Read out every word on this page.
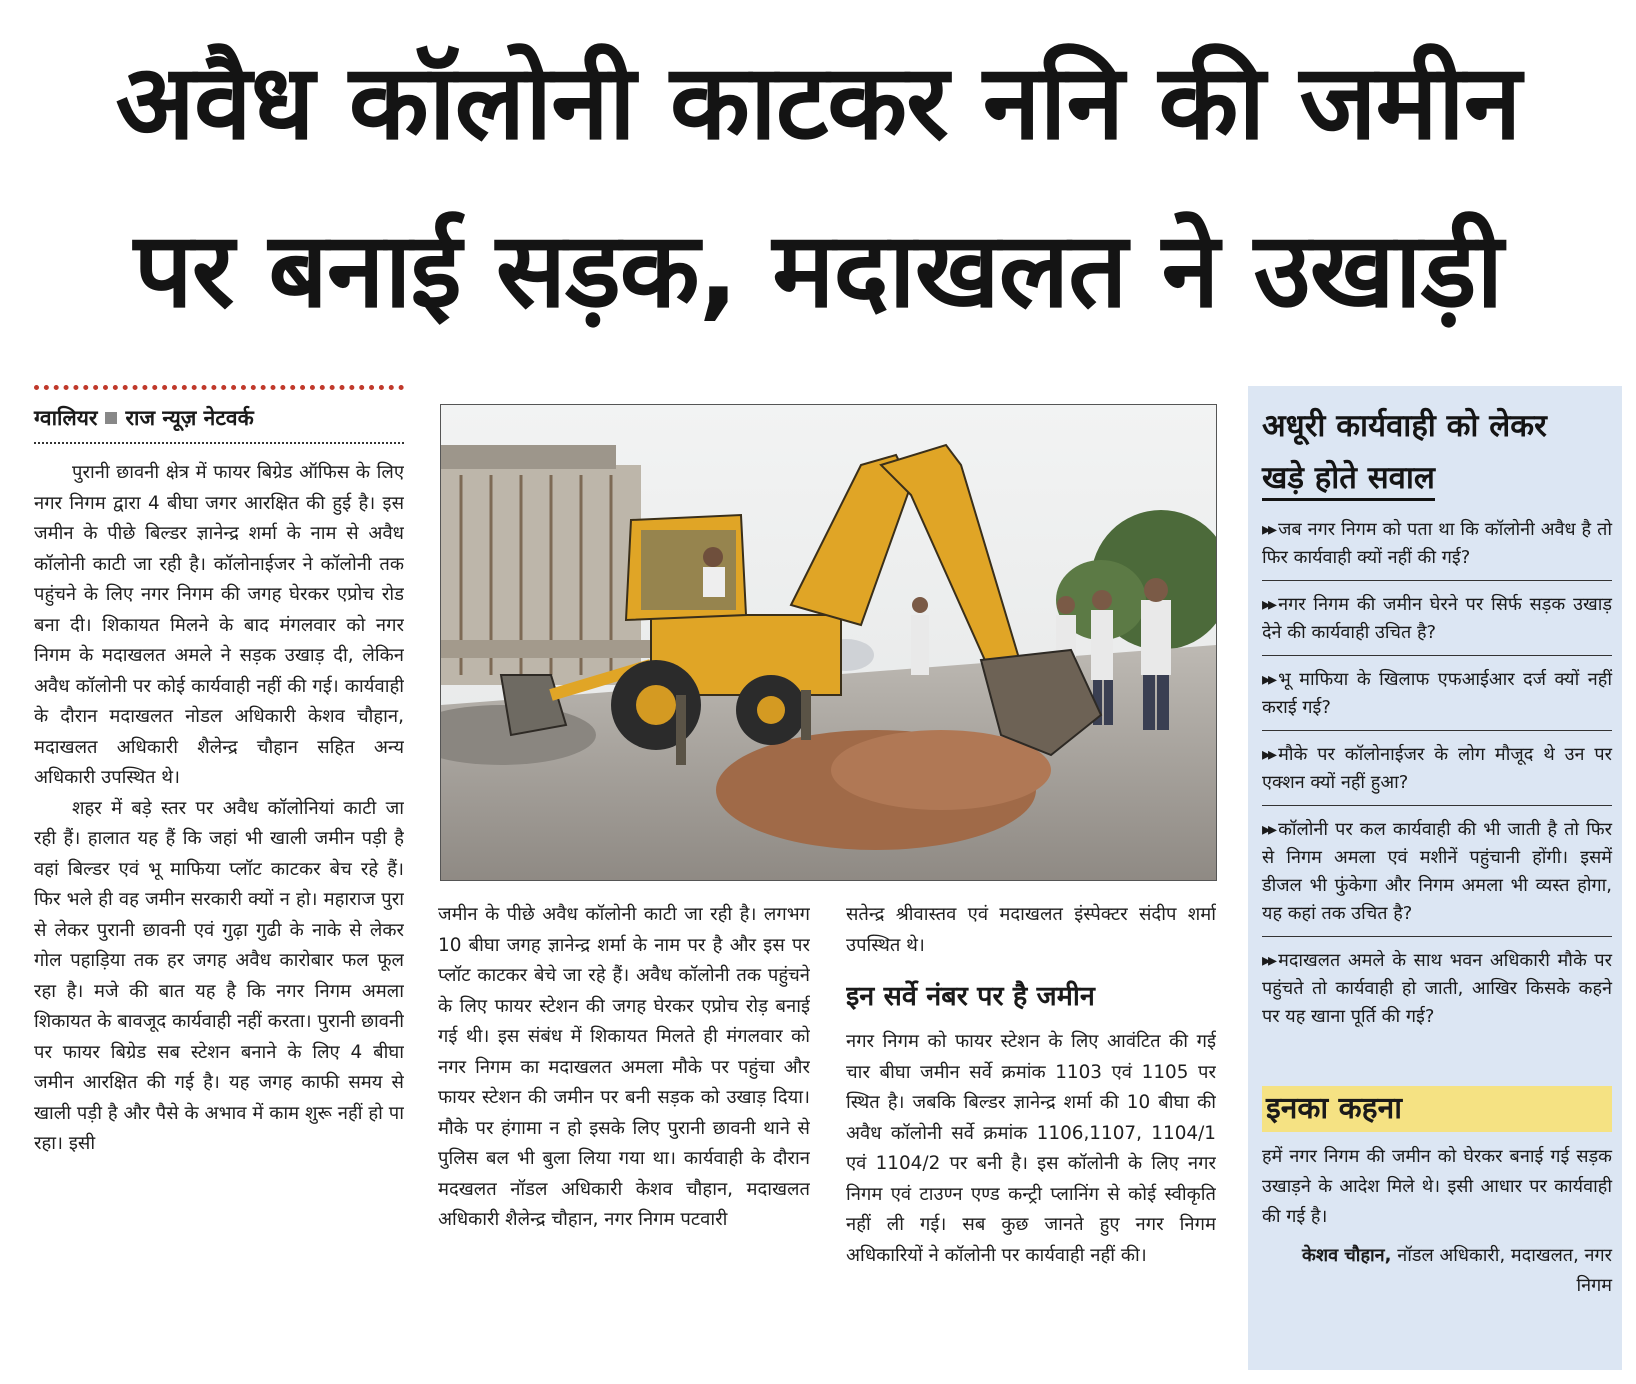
अवैध कॉलोनी काटकर ननि की जमीन
पर बनाई सड़क, मदाखलत ने उखाड़ी
ग्वालियर राज न्यूज़ नेटवर्क

पुरानी छावनी क्षेत्र में फायर बिग्रेड ऑफिस के लिए नगर निगम द्वारा 4 बीघा जगर आरक्षित की हुई है। इस जमीन के पीछे बिल्डर ज्ञानेन्द्र शर्मा के नाम से अवैध कॉलोनी काटी जा रही है। कॉलोनाईजर ने कॉलोनी तक पहुंचने के लिए नगर निगम की जगह घेरकर एप्रोच रोड बना दी। शिकायत मिलने के बाद मंगलवार को नगर निगम के मदाखलत अमले ने सड़क उखाड़ दी, लेकिन अवैध कॉलोनी पर कोई कार्यवाही नहीं की गई। कार्यवाही के दौरान मदाखलत नोडल अधिकारी केशव चौहान, मदाखलत अधिकारी शैलेन्द्र चौहान सहित अन्य अधिकारी उपस्थित थे।

शहर में बड़े स्तर पर अवैध कॉलोनियां काटी जा रही हैं। हालात यह हैं कि जहां भी खाली जमीन पड़ी है वहां बिल्डर एवं भू माफिया प्लॉट काटकर बेच रहे हैं। फिर भले ही वह जमीन सरकारी क्यों न हो। महाराज पुरा से लेकर पुरानी छावनी एवं गुढ़ा गुढी के नाके से लेकर गोल पहाड़िया तक हर जगह अवैध कारोबार फल फूल रहा है। मजे की बात यह है कि नगर निगम अमला शिकायत के बावजूद कार्यवाही नहीं करता। पुरानी छावनी पर फायर बिग्रेड सब स्टेशन बनाने के लिए 4 बीघा जमीन आरक्षित की गई है। यह जगह काफी समय से खाली पड़ी है और पैसे के अभाव में काम शुरू नहीं हो पा रहा। इसी

जमीन के पीछे अवैध कॉलोनी काटी जा रही है। लगभग 10 बीघा जगह ज्ञानेन्द्र शर्मा के नाम पर है और इस पर प्लॉट काटकर बेचे जा रहे हैं। अवैध कॉलोनी तक पहुंचने के लिए फायर स्टेशन की जगह घेरकर एप्रोच रोड़ बनाई गई थी। इस संबंध में शिकायत मिलते ही मंगलवार को नगर निगम का मदाखलत अमला मौके पर पहुंचा और फायर स्टेशन की जमीन पर बनी सड़क को उखाड़ दिया। मौके पर हंगामा न हो इसके लिए पुरानी छावनी थाने से पुलिस बल भी बुला लिया गया था। कार्यवाही के दौरान मदखलत नॉडल अधिकारी केशव चौहान, मदाखलत अधिकारी शैलेन्द्र चौहान, नगर निगम पटवारी

सतेन्द्र श्रीवास्तव एवं मदाखलत इंस्पेक्टर संदीप शर्मा उपस्थित थे।

इन सर्वे नंबर पर है जमीन

नगर निगम को फायर स्टेशन के लिए आवंटित की गई चार बीघा जमीन सर्वे क्रमांक 1103 एवं 1105 पर स्थित है। जबकि बिल्डर ज्ञानेन्द्र शर्मा की 10 बीघा की अवैध कॉलोनी सर्वे क्रमांक 1106,1107, 1104/1 एवं 1104/2 पर बनी है। इस कॉलोनी के लिए नगर निगम एवं टाउण्न एण्ड कन्ट्री प्लानिंग से कोई स्वीकृति नहीं ली गई। सब कुछ जानते हुए नगर निगम अधिकारियों ने कॉलोनी पर कार्यवाही नहीं की।

अधूरी कार्यवाही को लेकर
खड़े होते सवाल
▸▸ जब नगर निगम को पता था कि कॉलोनी अवैध है तो फिर कार्यवाही क्यों नहीं की गई?
▸▸ नगर निगम की जमीन घेरने पर सिर्फ सड़क उखाड़ देने की कार्यवाही उचित है?
▸▸ भू माफिया के खिलाफ एफआईआर दर्ज क्यों नहीं कराई गई?
▸▸ मौके पर कॉलोनाईजर के लोग मौजूद थे उन पर एक्शन क्यों नहीं हुआ?
▸▸ कॉलोनी पर कल कार्यवाही की भी जाती है तो फिर से निगम अमला एवं मशीनें पहुंचानी होंगी। इसमें डीजल भी फुंकेगा और निगम अमला भी व्यस्त होगा, यह कहां तक उचित है?
▸▸ मदाखलत अमले के साथ भवन अधिकारी मौके पर पहुंचते तो कार्यवाही हो जाती, आखिर किसके कहने पर यह खाना पूर्ति की गई?
इनका कहना
हमें नगर निगम की जमीन को घेरकर बनाई गई सड़क उखाड़ने के आदेश मिले थे। इसी आधार पर कार्यवाही की गई है।
केशव चौहान, नॉडल अधिकारी, मदाखलत, नगर निगम
